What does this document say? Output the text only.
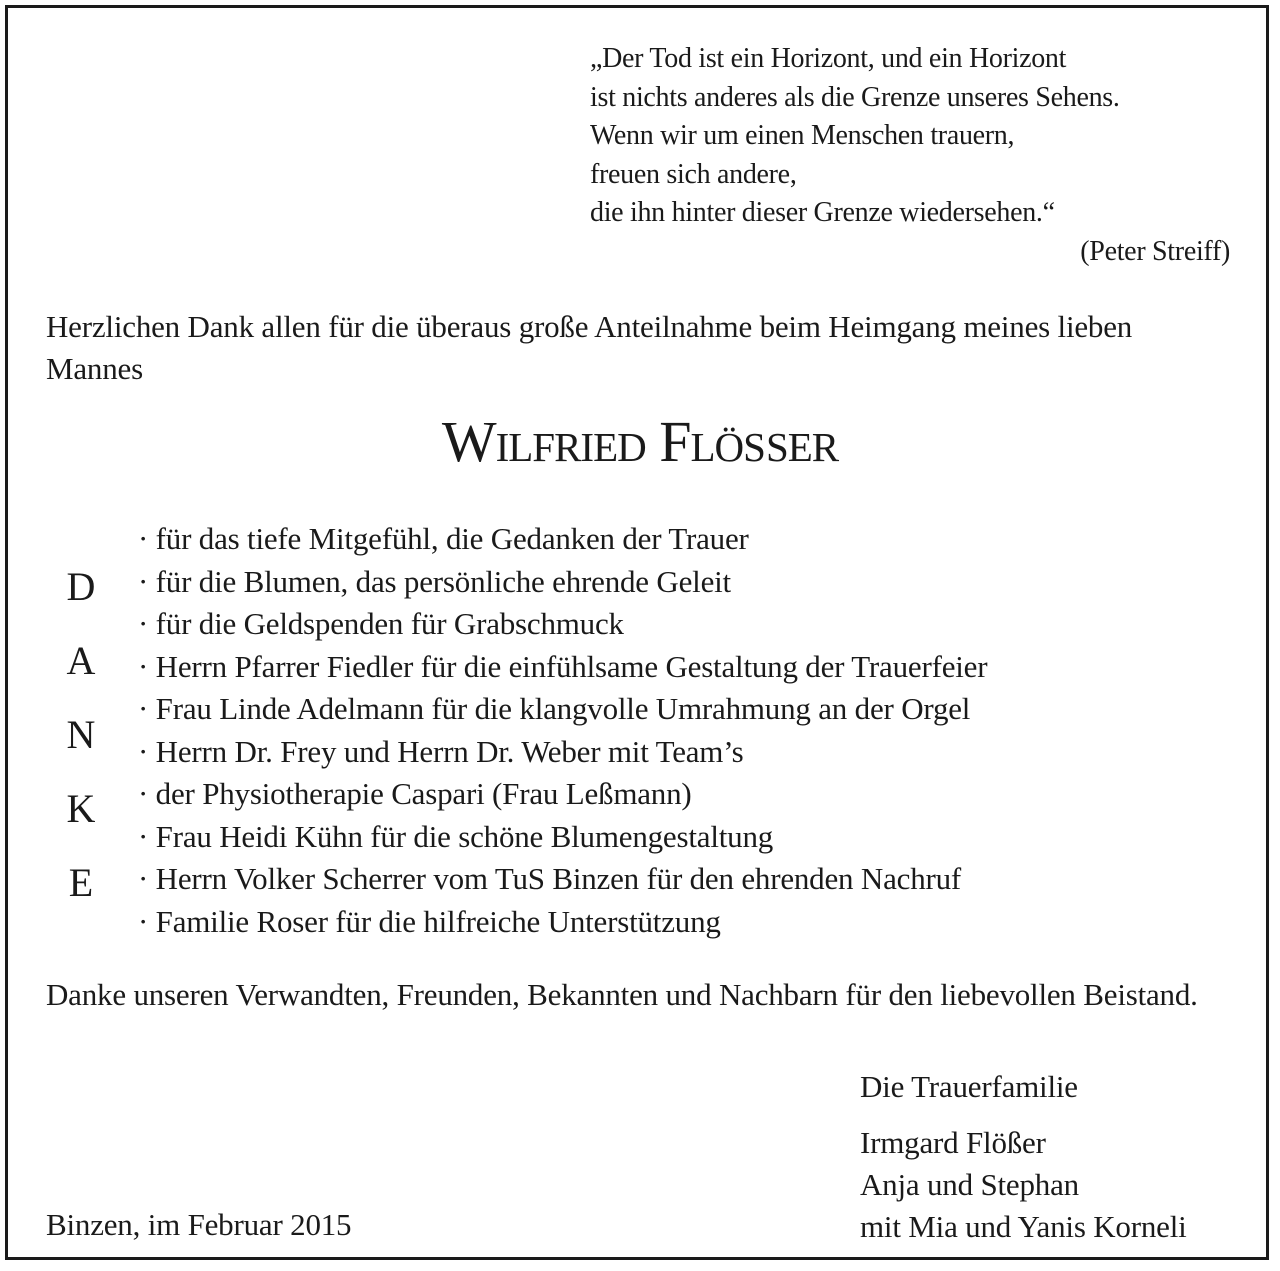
„Der Tod ist ein Horizont, und ein Horizont
ist nichts anderes als die Grenze unseres Sehens.
Wenn wir um einen Menschen trauern,
freuen sich andere,
die ihn hinter dieser Grenze wiedersehen.“
(Peter Streiff)
Herzlichen Dank allen für die überaus große Anteilnahme beim Heimgang meines lieben Mannes
Wilfried Flößer
D
A
N
K
E
· für das tiefe Mitgefühl, die Gedanken der Trauer
· für die Blumen, das persönliche ehrende Geleit
· für die Geldspenden für Grabschmuck
· Herrn Pfarrer Fiedler für die einfühlsame Gestaltung der Trauerfeier
· Frau Linde Adelmann für die klangvolle Umrahmung an der Orgel
· Herrn Dr. Frey und Herrn Dr. Weber mit Team’s
· der Physiotherapie Caspari (Frau Leßmann)
· Frau Heidi Kühn für die schöne Blumengestaltung
· Herrn Volker Scherrer vom TuS Binzen für den ehrenden Nachruf
· Familie Roser für die hilfreiche Unterstützung
Danke unseren Verwandten, Freunden, Bekannten und Nachbarn für den liebevollen Beistand.
Die Trauerfamilie
Irmgard Flößer
Anja und Stephan
mit Mia und Yanis Korneli
Binzen, im Februar 2015
